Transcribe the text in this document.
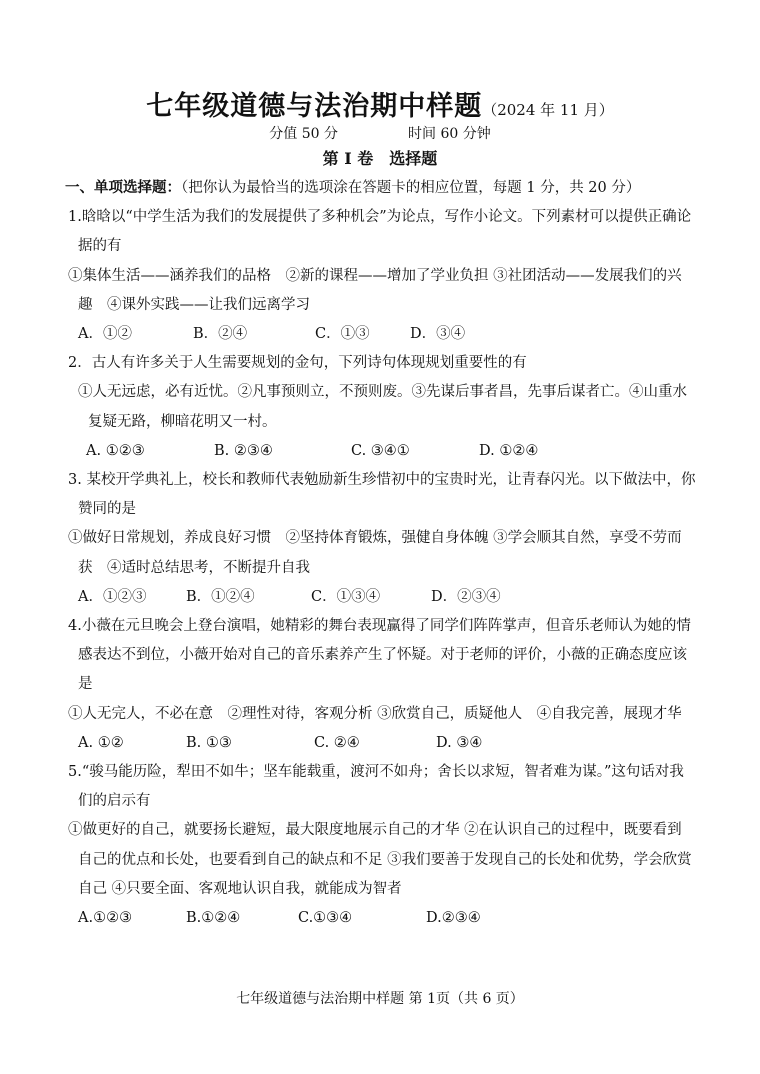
七年级道德与法治期中样题（2024 年 11 月）
分值 50 分	时间 60 分钟
第 I 卷　选择题

一、单项选择题：（把你认为最恰当的选项涂在答题卡的相应位置，每题 1 分，共 20 分）

1.晗晗以“中学生活为我们的发展提供了多种机会”为论点，写作小论文。下列素材可以提供正确论据的有

①集体生活——涵养我们的品格　②新的课程——增加了学业负担 ③社团活动——发展我们的兴趣　④课外实践——让我们远离学习

A．①②	B．②④	C．①③	D．③④

2．古人有许多关于人生需要规划的金句，下列诗句体现规划重要性的有

①人无远虑，必有近忧。②凡事预则立，不预则废。③先谋后事者昌，先事后谋者亡。④山重水复疑无路，柳暗花明又一村。

A. ①②③	B. ②③④	C. ③④①	D. ①②④

3. 某校开学典礼上，校长和教师代表勉励新生珍惜初中的宝贵时光，让青春闪光。以下做法中，你赞同的是

①做好日常规划，养成良好习惯　②坚持体育锻炼，强健自身体魄 ③学会顺其自然，享受不劳而获　④适时总结思考，不断提升自我

A．①②③	B．①②④	C．①③④	D．②③④

4.小薇在元旦晚会上登台演唱，她精彩的舞台表现赢得了同学们阵阵掌声，但音乐老师认为她的情感表达不到位，小薇开始对自己的音乐素养产生了怀疑。对于老师的评价，小薇的正确态度应该是

①人无完人，不必在意　②理性对待，客观分析 ③欣赏自己，质疑他人　④自我完善，展现才华

A. ①②	B. ①③	C. ②④	D. ③④

5.“骏马能历险，犁田不如牛；坚车能载重，渡河不如舟；舍长以求短，智者难为谋。”这句话对我们的启示有

①做更好的自己，就要扬长避短，最大限度地展示自己的才华 ②在认识自己的过程中，既要看到自己的优点和长处，也要看到自己的缺点和不足 ③我们要善于发现自己的长处和优势，学会欣赏自己 ④只要全面、客观地认识自我，就能成为智者

A.①②③	B.①②④	C.①③④	D.②③④
七年级道德与法治期中样题 第 1页（共 6 页）
